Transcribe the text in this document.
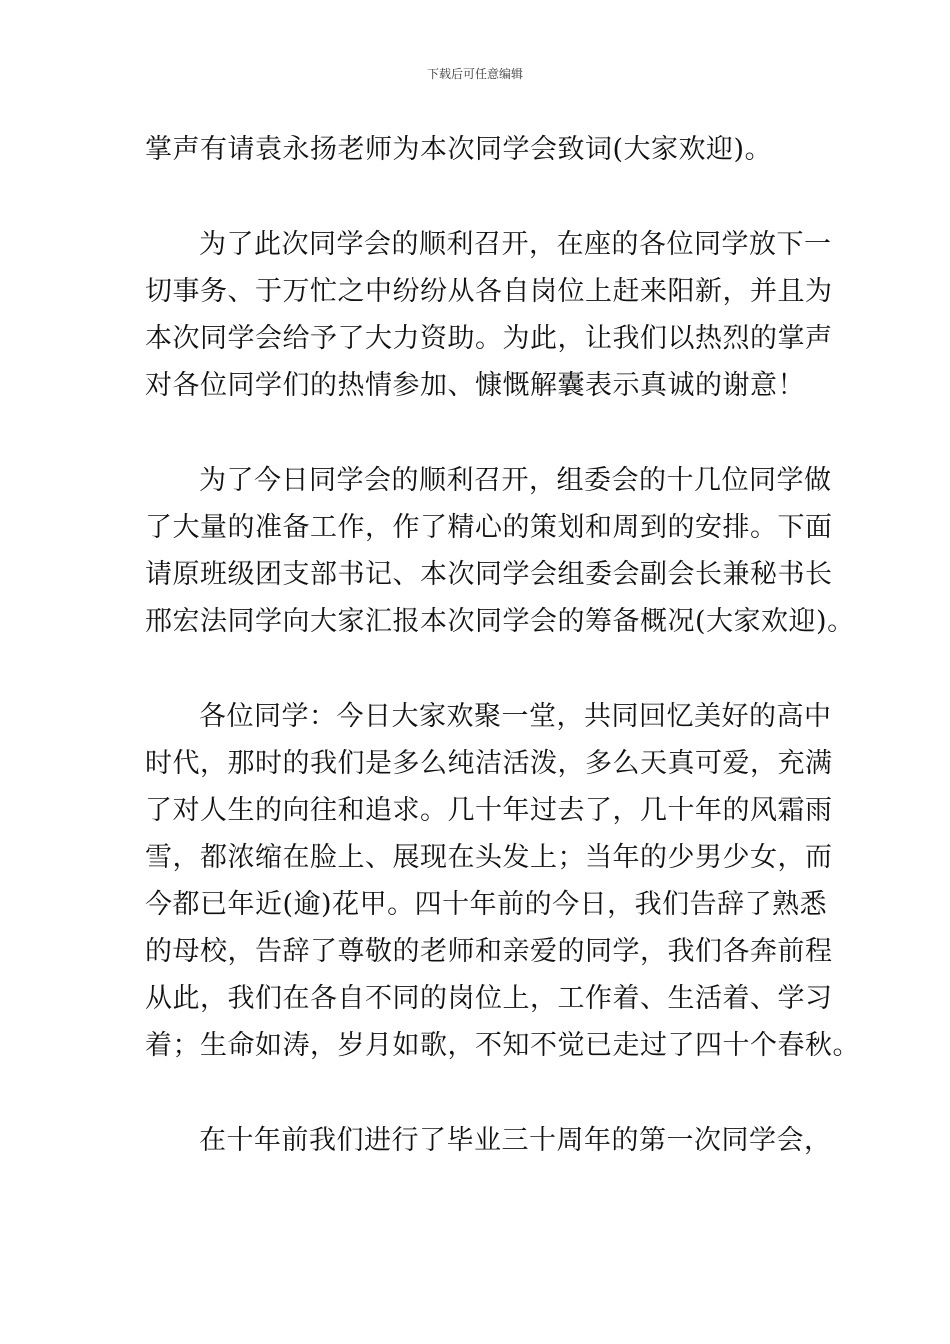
下载后可任意编辑
掌声有请袁永扬老师为本次同学会致词(大家欢迎)。
为了此次同学会的顺利召开，在座的各位同学放下一
切事务、于万忙之中纷纷从各自岗位上赶来阳新，并且为
本次同学会给予了大力资助。为此，让我们以热烈的掌声
对各位同学们的热情参加、慷慨解囊表示真诚的谢意！
为了今日同学会的顺利召开，组委会的十几位同学做
了大量的准备工作，作了精心的策划和周到的安排。下面
请原班级团支部书记、本次同学会组委会副会长兼秘书长
邢宏法同学向大家汇报本次同学会的筹备概况(大家欢迎)。
各位同学：今日大家欢聚一堂，共同回忆美好的高中
时代，那时的我们是多么纯洁活泼，多么天真可爱，充满
了对人生的向往和追求。几十年过去了，几十年的风霜雨
雪，都浓缩在脸上、展现在头发上；当年的少男少女，而
今都已年近(逾)花甲。四十年前的今日，我们告辞了熟悉
的母校，告辞了尊敬的老师和亲爱的同学，我们各奔前程
从此，我们在各自不同的岗位上，工作着、生活着、学习
着；生命如涛，岁月如歌，不知不觉已走过了四十个春秋。
在十年前我们进行了毕业三十周年的第一次同学会，
